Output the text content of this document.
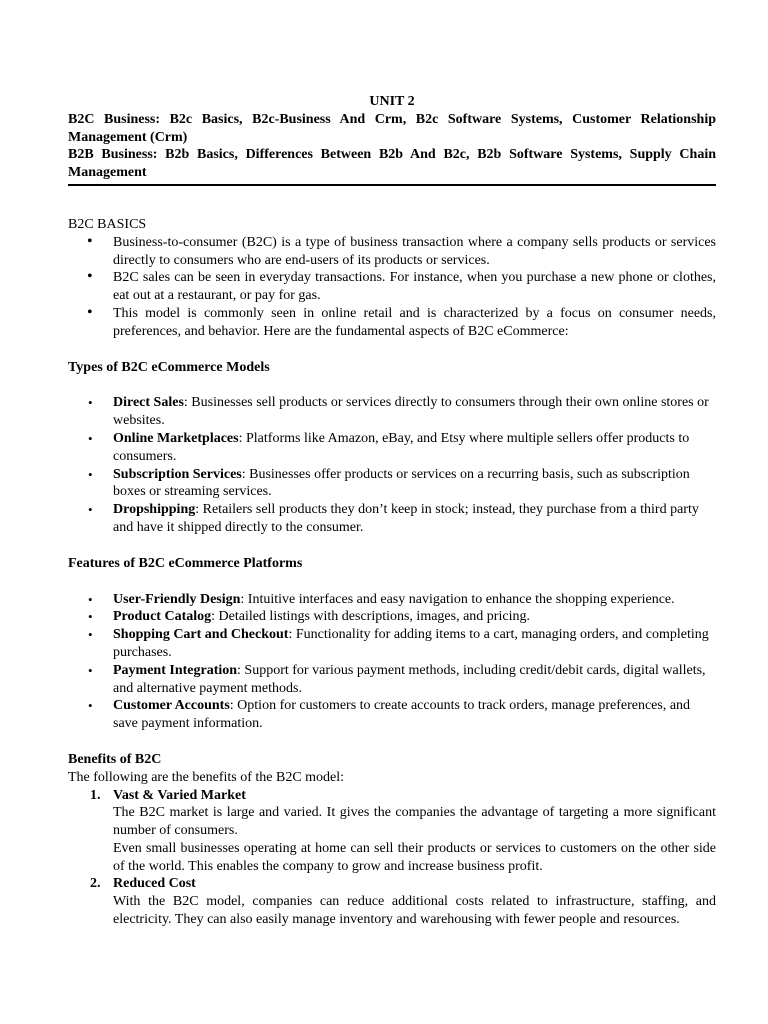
UNIT 2

B2C Business: B2c Basics, B2c-Business And Crm, B2c Software Systems, Customer Relationship Management (Crm)

B2B Business: B2b Basics, Differences Between B2b And B2c, B2b Software Systems, Supply Chain Management

B2C BASICS

• Business-to-consumer (B2C) is a type of business transaction where a company sells products or services directly to consumers who are end-users of its products or services.
• B2C sales can be seen in everyday transactions. For instance, when you purchase a new phone or clothes, eat out at a restaurant, or pay for gas.
• This model is commonly seen in online retail and is characterized by a focus on consumer needs, preferences, and behavior. Here are the fundamental aspects of B2C eCommerce:

Types of B2C eCommerce Models

• Direct Sales: Businesses sell products or services directly to consumers through their own online stores or websites.
• Online Marketplaces: Platforms like Amazon, eBay, and Etsy where multiple sellers offer products to consumers.
• Subscription Services: Businesses offer products or services on a recurring basis, such as subscription boxes or streaming services.
• Dropshipping: Retailers sell products they don’t keep in stock; instead, they purchase from a third party and have it shipped directly to the consumer.

Features of B2C eCommerce Platforms

• User-Friendly Design: Intuitive interfaces and easy navigation to enhance the shopping experience.
• Product Catalog: Detailed listings with descriptions, images, and pricing.
• Shopping Cart and Checkout: Functionality for adding items to a cart, managing orders, and completing purchases.
• Payment Integration: Support for various payment methods, including credit/debit cards, digital wallets, and alternative payment methods.
• Customer Accounts: Option for customers to create accounts to track orders, manage preferences, and save payment information.

Benefits of B2C

The following are the benefits of the B2C model:

1. Vast & Varied Market

The B2C market is large and varied. It gives the companies the advantage of targeting a more significant number of consumers.

Even small businesses operating at home can sell their products or services to customers on the other side of the world. This enables the company to grow and increase business profit.

2. Reduced Cost

With the B2C model, companies can reduce additional costs related to infrastructure, staffing, and electricity. They can also easily manage inventory and warehousing with fewer people and resources.
